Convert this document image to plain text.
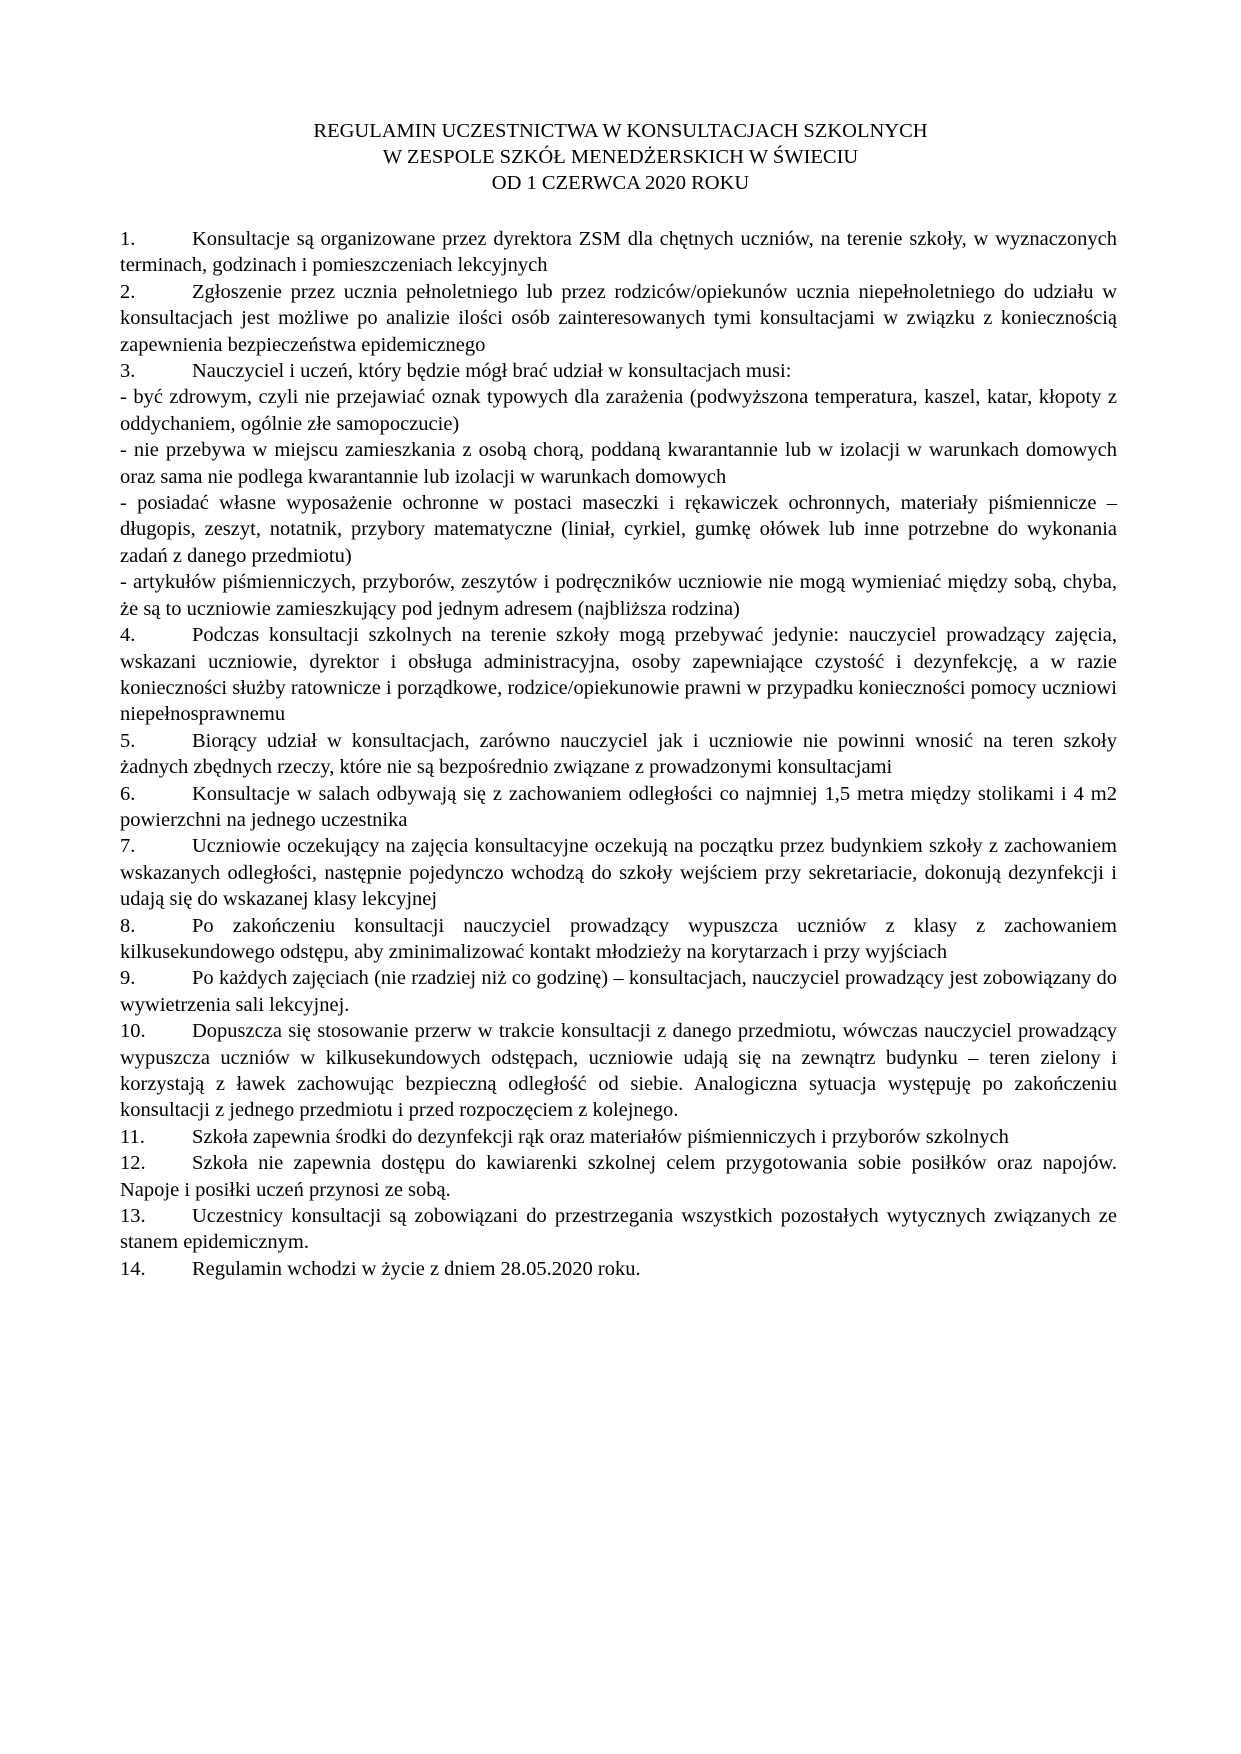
REGULAMIN UCZESTNICTWA W KONSULTACJACH SZKOLNYCH
W ZESPOLE SZKÓŁ MENEDŻERSKICH W ŚWIECIU
OD 1 CZERWCA 2020 ROKU

1.	Konsultacje są organizowane przez dyrektora ZSM dla chętnych uczniów, na terenie szkoły, w wyznaczonych terminach, godzinach i pomieszczeniach lekcyjnych

2.	Zgłoszenie przez ucznia pełnoletniego lub przez rodziców/opiekunów ucznia niepełnoletniego do udziału w konsultacjach jest możliwe po analizie ilości osób zainteresowanych tymi konsultacjami w związku z koniecznością zapewnienia bezpieczeństwa epidemicznego

3.	Nauczyciel i uczeń, który będzie mógł brać udział w konsultacjach musi:

- być zdrowym, czyli nie przejawiać oznak typowych dla zarażenia (podwyższona temperatura, kaszel, katar, kłopoty z oddychaniem, ogólnie złe samopoczucie)

- nie przebywa w miejscu zamieszkania z osobą chorą, poddaną kwarantannie lub w izolacji w warunkach domowych oraz sama nie podlega kwarantannie lub izolacji w warunkach domowych

- posiadać własne wyposażenie ochronne w postaci maseczki i rękawiczek ochronnych, materiały piśmiennicze – długopis, zeszyt, notatnik, przybory matematyczne (liniał, cyrkiel, gumkę ołówek lub inne potrzebne do wykonania zadań z danego przedmiotu)

- artykułów piśmienniczych, przyborów, zeszytów i podręczników uczniowie nie mogą wymieniać między sobą, chyba, że są to uczniowie zamieszkujący pod jednym adresem (najbliższa rodzina)

4.	Podczas konsultacji szkolnych na terenie szkoły mogą przebywać jedynie: nauczyciel prowadzący zajęcia, wskazani uczniowie, dyrektor i obsługa administracyjna, osoby zapewniające czystość i dezynfekcję, a w razie konieczności służby ratownicze i porządkowe, rodzice/opiekunowie prawni w przypadku konieczności pomocy uczniowi niepełnosprawnemu

5.	Biorący udział w konsultacjach, zarówno nauczyciel jak i uczniowie nie powinni wnosić na teren szkoły żadnych zbędnych rzeczy, które nie są bezpośrednio związane z prowadzonymi konsultacjami

6.	Konsultacje w salach odbywają się z zachowaniem odległości co najmniej 1,5 metra między stolikami i 4 m2 powierzchni na jednego uczestnika

7.	Uczniowie oczekujący na zajęcia konsultacyjne oczekują na początku przez budynkiem szkoły z zachowaniem wskazanych odległości, następnie pojedynczo wchodzą do szkoły wejściem przy sekretariacie, dokonują dezynfekcji i udają się do wskazanej klasy lekcyjnej

8.	Po zakończeniu konsultacji nauczyciel prowadzący wypuszcza uczniów z klasy z zachowaniem kilkusekundowego odstępu, aby zminimalizować kontakt młodzieży na korytarzach i przy wyjściach

9.	Po każdych zajęciach (nie rzadziej niż co godzinę) – konsultacjach, nauczyciel prowadzący jest zobowiązany do wywietrzenia sali lekcyjnej.

10. Dopuszcza się stosowanie przerw w trakcie konsultacji z danego przedmiotu, wówczas nauczyciel prowadzący wypuszcza uczniów w kilkusekundowych odstępach, uczniowie udają się na zewnątrz budynku – teren zielony i korzystają z ławek zachowując bezpieczną odległość od siebie. Analogiczna sytuacja występuję po zakończeniu konsultacji z jednego przedmiotu i przed rozpoczęciem z kolejnego.

11. Szkoła zapewnia środki do dezynfekcji rąk oraz materiałów piśmienniczych i przyborów szkolnych

12. Szkoła nie zapewnia dostępu do kawiarenki szkolnej celem przygotowania sobie posiłków oraz napojów. Napoje i posiłki uczeń przynosi ze sobą.

13. Uczestnicy konsultacji są zobowiązani do przestrzegania wszystkich pozostałych wytycznych związanych ze stanem epidemicznym.

14. Regulamin wchodzi w życie z dniem 28.05.2020 roku.
